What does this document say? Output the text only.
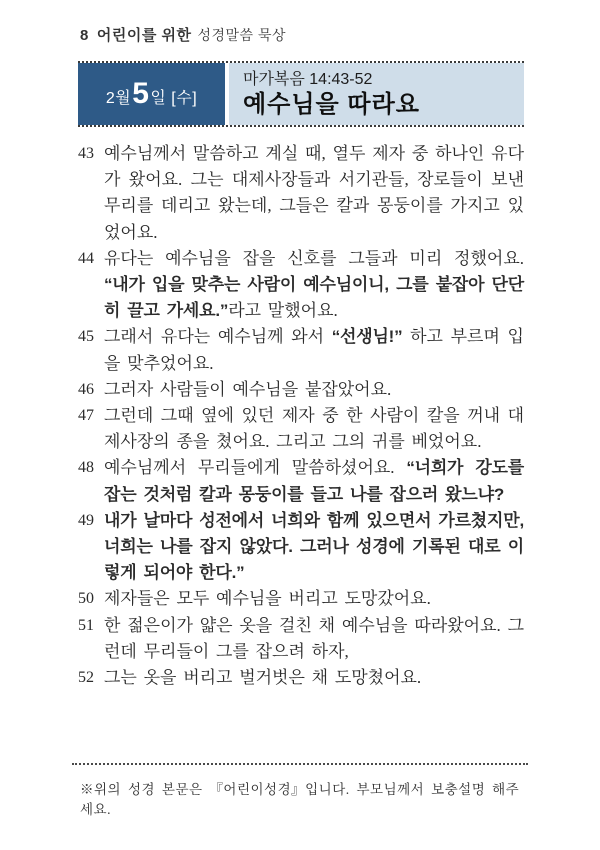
8 어린이를 위한 성경말씀 묵상
2월5일 [수]
마가복음 14:43-52
예수님을 따라요
43 예수님께서 말씀하고 계실 때, 열두 제자 중 하나인 유다가 왔어요. 그는 대제사장들과 서기관들, 장로들이 보낸 무리를 데리고 왔는데, 그들은 칼과 몽둥이를 가지고 있었어요.
44 유다는 예수님을 잡을 신호를 그들과 미리 정했어요. “내가 입을 맞추는 사람이 예수님이니, 그를 붙잡아 단단히 끌고 가세요.”라고 말했어요.
45 그래서 유다는 예수님께 와서 “선생님!” 하고 부르며 입을 맞추었어요.
46 그러자 사람들이 예수님을 붙잡았어요.
47 그런데 그때 옆에 있던 제자 중 한 사람이 칼을 꺼내 대제사장의 종을 쳤어요. 그리고 그의 귀를 베었어요.
48 예수님께서 무리들에게 말씀하셨어요. “너희가 강도를 잡는 것처럼 칼과 몽둥이를 들고 나를 잡으러 왔느냐?
49 내가 날마다 성전에서 너희와 함께 있으면서 가르쳤지만, 너희는 나를 잡지 않았다. 그러나 성경에 기록된 대로 이렇게 되어야 한다.”
50 제자들은 모두 예수님을 버리고 도망갔어요.
51 한 젊은이가 얇은 옷을 걸친 채 예수님을 따라왔어요. 그런데 무리들이 그를 잡으려 하자,
52 그는 옷을 버리고 벌거벗은 채 도망쳤어요.
※위의 성경 본문은 『어린이성경』입니다. 부모님께서 보충설명 해주세요.
